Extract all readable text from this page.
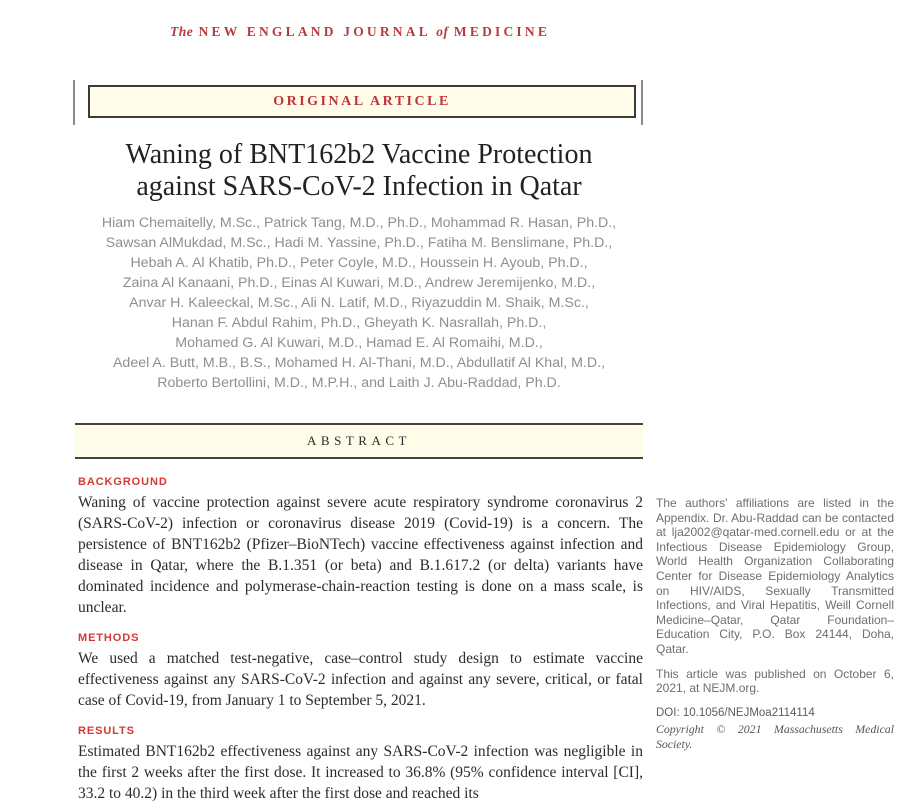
The NEW ENGLAND JOURNAL of MEDICINE
ORIGINAL ARTICLE
Waning of BNT162b2 Vaccine Protection
against SARS-CoV-2 Infection in Qatar
Hiam Chemaitelly, M.Sc., Patrick Tang, M.D., Ph.D., Mohammad R. Hasan, Ph.D.,
Sawsan AlMukdad, M.Sc., Hadi M. Yassine, Ph.D., Fatiha M. Benslimane, Ph.D.,
Hebah A. Al Khatib, Ph.D., Peter Coyle, M.D., Houssein H. Ayoub, Ph.D.,
Zaina Al Kanaani, Ph.D., Einas Al Kuwari, M.D., Andrew Jeremijenko, M.D.,
Anvar H. Kaleeckal, M.Sc., Ali N. Latif, M.D., Riyazuddin M. Shaik, M.Sc.,
Hanan F. Abdul Rahim, Ph.D., Gheyath K. Nasrallah, Ph.D.,
Mohamed G. Al Kuwari, M.D., Hamad E. Al Romaihi, M.D.,
Adeel A. Butt, M.B., B.S., Mohamed H. Al-Thani, M.D., Abdullatif Al Khal, M.D.,
Roberto Bertollini, M.D., M.P.H., and Laith J. Abu-Raddad, Ph.D.
ABSTRACT
BACKGROUND

Waning of vaccine protection against severe acute respiratory syndrome coronavirus 2 (SARS-CoV-2) infection or coronavirus disease 2019 (Covid-19) is a concern. The persistence of BNT162b2 (Pfizer–BioNTech) vaccine effectiveness against infection and disease in Qatar, where the B.1.351 (or beta) and B.1.617.2 (or delta) variants have dominated incidence and polymerase-chain-reaction testing is done on a mass scale, is unclear.

METHODS

We used a matched test-negative, case–control study design to estimate vaccine effectiveness against any SARS-CoV-2 infection and against any severe, critical, or fatal case of Covid-19, from January 1 to September 5, 2021.

RESULTS

Estimated BNT162b2 effectiveness against any SARS-CoV-2 infection was negligible in the first 2 weeks after the first dose. It increased to 36.8% (95% confidence interval [CI], 33.2 to 40.2) in the third week after the first dose and reached its

The authors' affiliations are listed in the Appendix. Dr. Abu-Raddad can be contacted at lja2002@qatar-med.cornell.edu or at the Infectious Disease Epidemiology Group, World Health Organization Collaborating Center for Disease Epidemiology Analytics on HIV/AIDS, Sexually Transmitted Infections, and Viral Hepatitis, Weill Cornell Medicine–Qatar, Qatar Foundation–Education City, P.O. Box 24144, Doha, Qatar.

This article was published on October 6, 2021, at NEJM.org.

DOI: 10.1056/NEJMoa2114114

Copyright © 2021 Massachusetts Medical Society.
